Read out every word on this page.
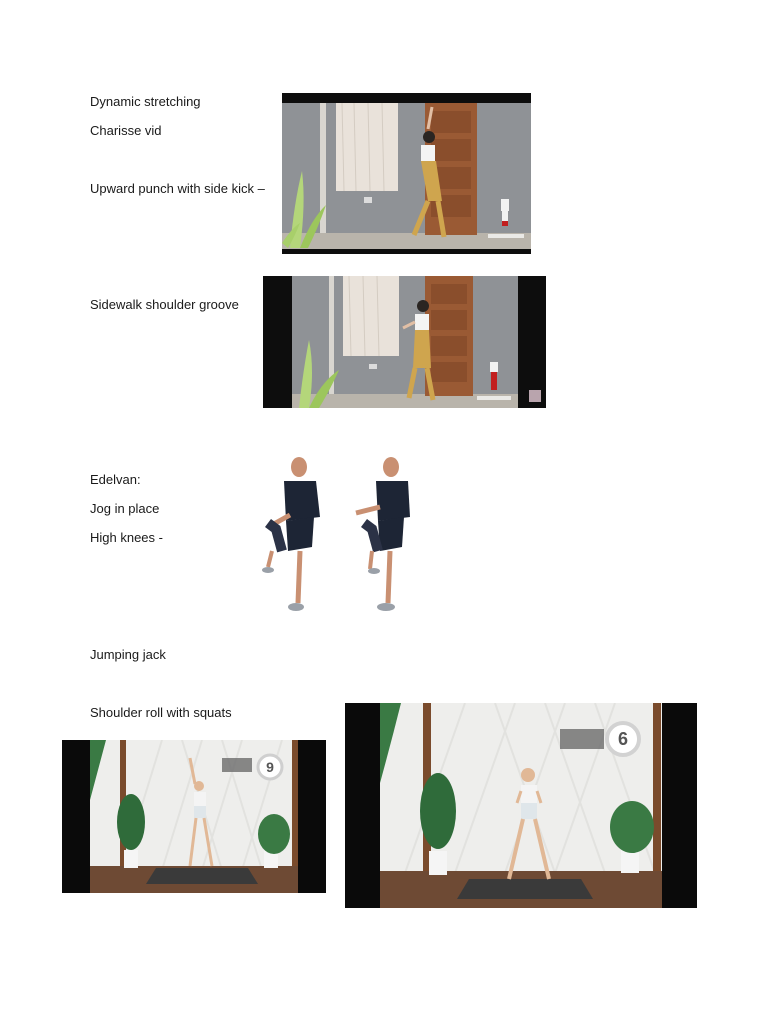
Dynamic stretching
Charisse vid
Upward punch with side kick –
Sidewalk shoulder groove
Edelvan:
Jog in place
High knees -
Jumping jack
Shoulder roll with squats
9
6
